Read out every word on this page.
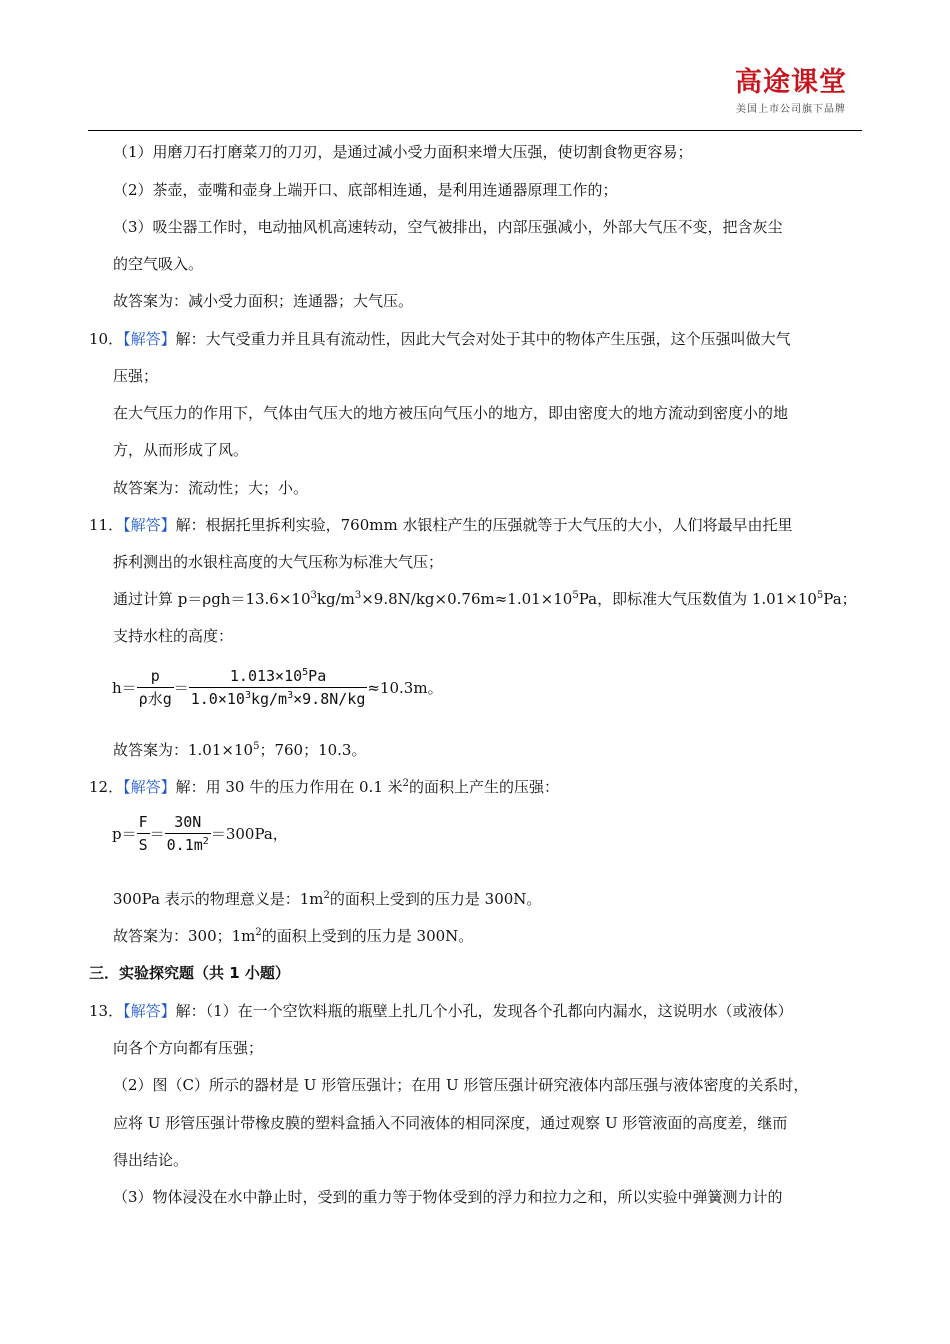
高途课堂
美国上市公司旗下品牌
（1）用磨刀石打磨菜刀的刀刃，是通过减小受力面积来增大压强，使切割食物更容易；
（2）茶壶，壶嘴和壶身上端开口、底部相连通，是利用连通器原理工作的；
（3）吸尘器工作时，电动抽风机高速转动，空气被排出，内部压强减小，外部大气压不变，把含灰尘
的空气吸入。
故答案为：减小受力面积；连通器；大气压。
10．【解答】解：大气受重力并且具有流动性，因此大气会对处于其中的物体产生压强，这个压强叫做大气
压强；
在大气压力的作用下，气体由气压大的地方被压向气压小的地方，即由密度大的地方流动到密度小的地
方，从而形成了风。
故答案为：流动性；大；小。
11．【解答】解：根据托里拆利实验，760mm 水银柱产生的压强就等于大气压的大小，人们将最早由托里
拆利测出的水银柱高度的大气压称为标准大气压；
通过计算 $p=\rho gh=13.6\times 10^3kg/m^3\times 9.8N/kg\times 0.76m\approx 1.01\times 10^5Pa$，即标准大气压数值为 $1.01\times 10^5Pa$；
支持水柱的高度：
$h= \frac{p}{\text{ρ水g}} = \frac{1.013\times 10^5Pa}{1.0\times 10^3kg/m^3\times 9.8N/kg} \approx 10.3m$。
故答案为：$1.01\times 10^5$；760；10.3。
12．【解答】解：用 30 牛的压力作用在 0.1 米$^2$的面积上产生的压强：
$p= \frac{F}{S} = \frac{30N}{0.1m^2} =300Pa$，
300Pa 表示的物理意义是：$1m^2$的面积上受到的压力是 300N。
故答案为：300；$1m^2$的面积上受到的压力是 300N。
三．实验探究题（共 1 小题）
13．【解答】解：（1）在一个空饮料瓶的瓶壁上扎几个小孔，发现各个孔都向内漏水，这说明水（或液体）
向各个方向都有压强；
（2）图（C）所示的器材是 U 形管压强计；在用 U 形管压强计研究液体内部压强与液体密度的关系时，
应将 U 形管压强计带橡皮膜的塑料盒插入不同液体的相同深度，通过观察 U 形管液面的高度差，继而
得出结论。
（3）物体浸没在水中静止时，受到的重力等于物体受到的浮力和拉力之和，所以实验中弹簧测力计的
